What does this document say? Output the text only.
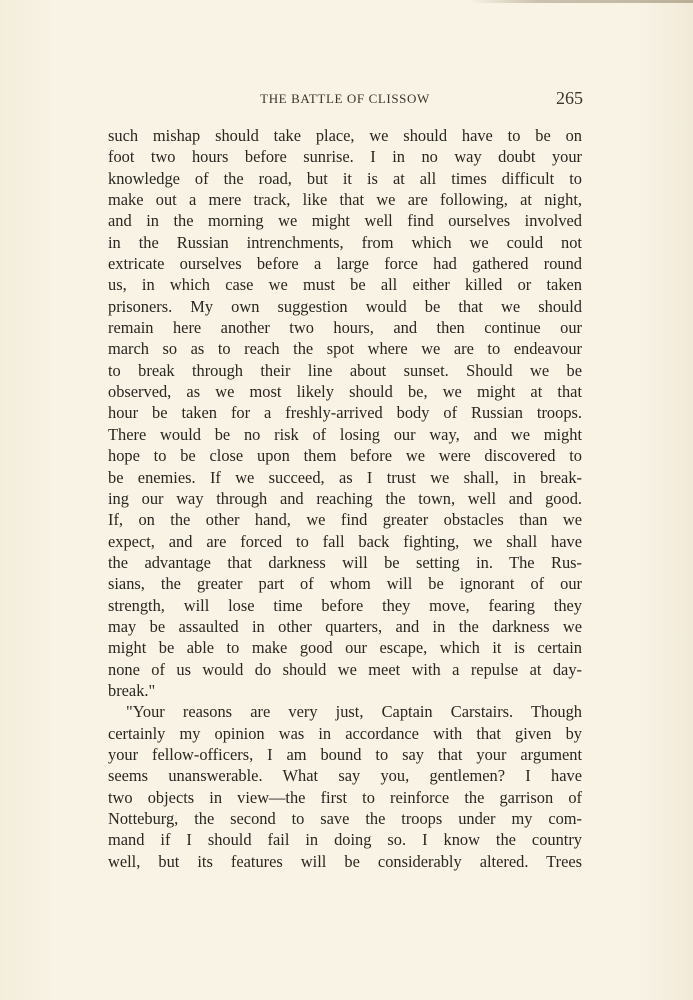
THE BATTLE OF CLISSOW	265
such mishap should take place, we should have to be on
foot two hours before sunrise. I in no way doubt your
knowledge of the road, but it is at all times difficult to
make out a mere track, like that we are following, at night,
and in the morning we might well find ourselves involved
in the Russian intrenchments, from which we could not
extricate ourselves before a large force had gathered round
us, in which case we must be all either killed or taken
prisoners. My own suggestion would be that we should
remain here another two hours, and then continue our
march so as to reach the spot where we are to endeavour
to break through their line about sunset. Should we be
observed, as we most likely should be, we might at that
hour be taken for a freshly-arrived body of Russian troops.
There would be no risk of losing our way, and we might
hope to be close upon them before we were discovered to
be enemies. If we succeed, as I trust we shall, in break-
ing our way through and reaching the town, well and good.
If, on the other hand, we find greater obstacles than we
expect, and are forced to fall back fighting, we shall have
the advantage that darkness will be setting in. The Rus-
sians, the greater part of whom will be ignorant of our
strength, will lose time before they move, fearing they
may be assaulted in other quarters, and in the darkness we
might be able to make good our escape, which it is certain
none of us would do should we meet with a repulse at day-
break."
"Your reasons are very just, Captain Carstairs. Though
certainly my opinion was in accordance with that given by
your fellow-officers, I am bound to say that your argument
seems unanswerable. What say you, gentlemen? I have
two objects in view—the first to reinforce the garrison of
Notteburg, the second to save the troops under my com-
mand if I should fail in doing so. I know the country
well, but its features will be considerably altered. Trees
